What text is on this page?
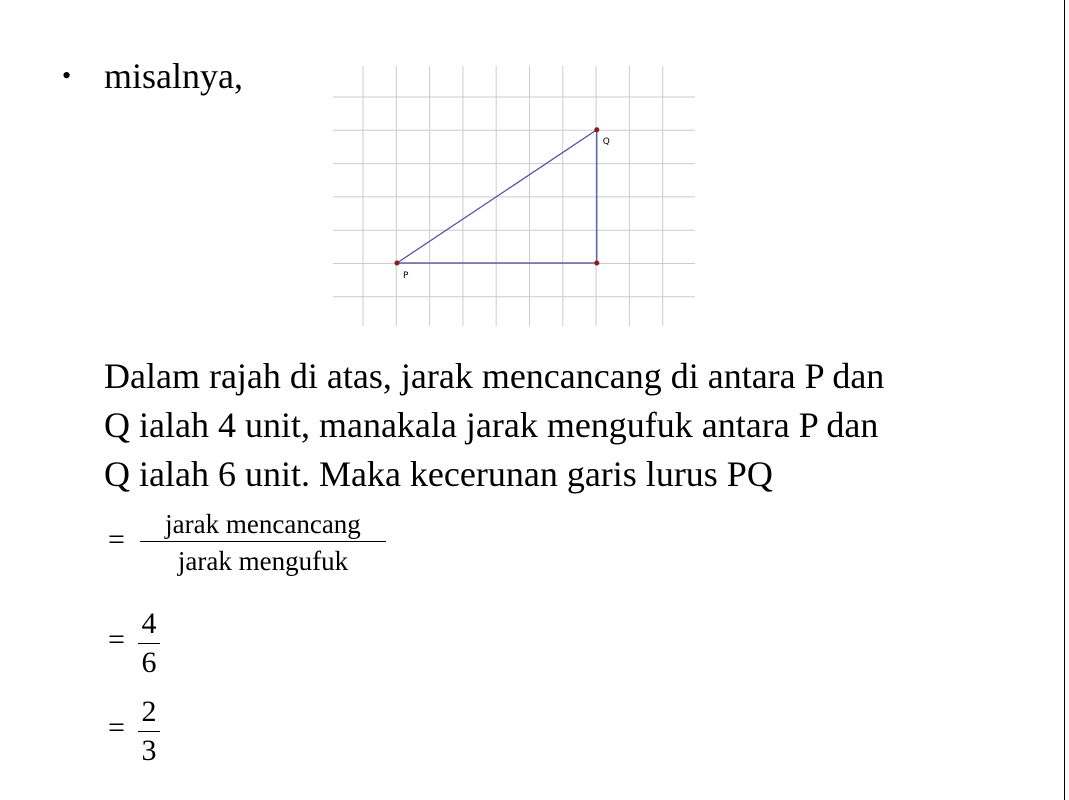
• misalnya,
P
Q
Dalam rajah di atas, jarak mencancang di antara P dan
Q ialah 4 unit, manakala jarak mengufuk antara P dan
Q ialah 6 unit. Maka kecerunan garis lurus PQ
=	jarak mencancang
jarak mengufuk
= 4
6
= 2
3
